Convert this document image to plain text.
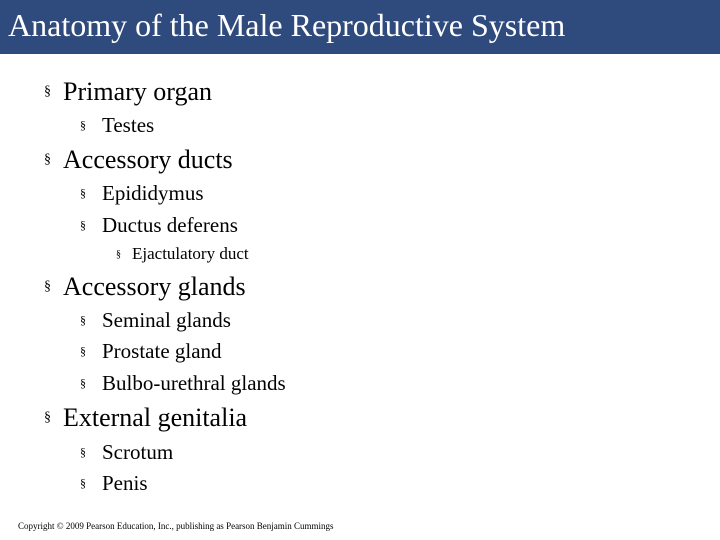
Anatomy of the Male Reproductive System
§ Primary organ
§ Testes
§ Accessory ducts
§ Epididymus
§ Ductus deferens
§ Ejactulatory duct
§ Accessory glands
§ Seminal glands
§ Prostate gland
§ Bulbo-urethral glands
§ External genitalia
§ Scrotum
§ Penis
Copyright © 2009 Pearson Education, Inc., publishing as Pearson Benjamin Cummings
